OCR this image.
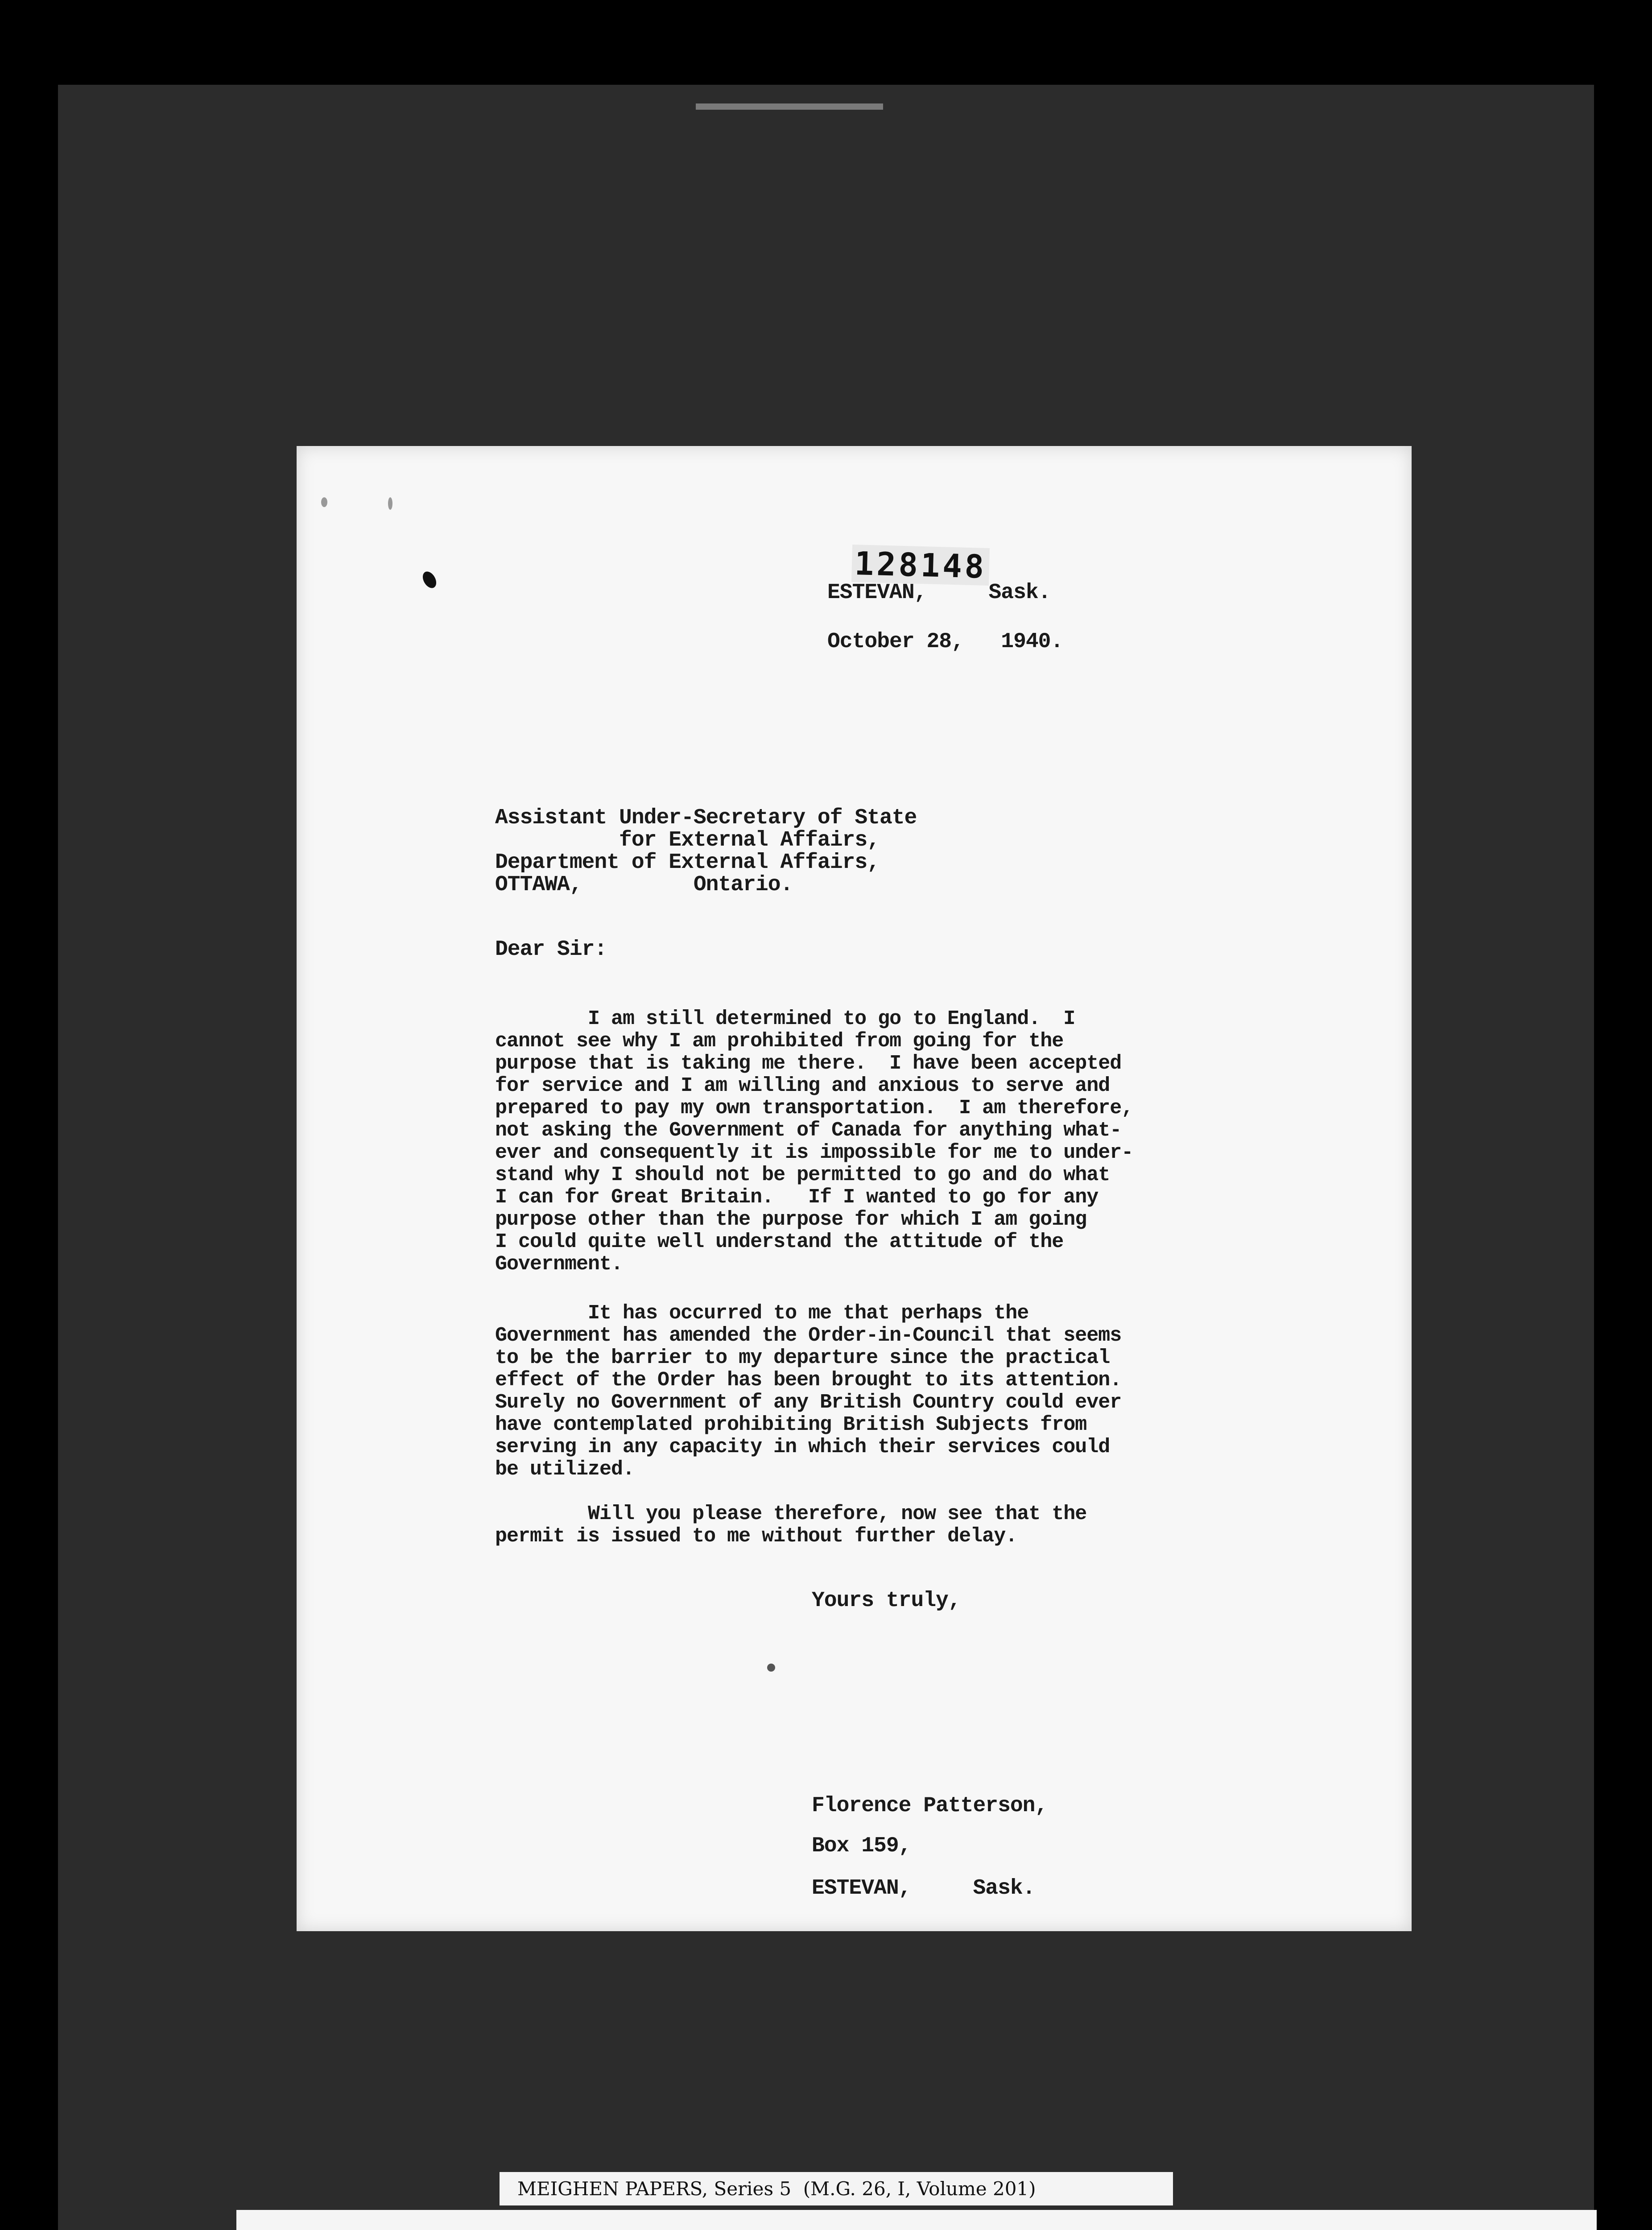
128148
ESTEVAN,     Sask.
October 28,   1940.
Assistant Under-Secretary of State
for External Affairs,
Department of External Affairs,
OTTAWA,         Ontario.
Dear Sir:
I am still determined to go to England.  I
cannot see why I am prohibited from going for the
purpose that is taking me there.  I have been accepted
for service and I am willing and anxious to serve and
prepared to pay my own transportation.  I am therefore,
not asking the Government of Canada for anything what-
ever and consequently it is impossible for me to under-
stand why I should not be permitted to go and do what
I can for Great Britain.   If I wanted to go for any
purpose other than the purpose for which I am going
I could quite well understand the attitude of the
Government.
It has occurred to me that perhaps the
Government has amended the Order-in-Council that seems
to be the barrier to my departure since the practical
effect of the Order has been brought to its attention.
Surely no Government of any British Country could ever
have contemplated prohibiting British Subjects from
serving in any capacity in which their services could
be utilized.
Will you please therefore, now see that the
permit is issued to me without further delay.
Yours truly,
Florence Patterson,
Box 159,
ESTEVAN,     Sask.
MEIGHEN PAPERS, Series 5  (M.G. 26, I, Volume 201)
